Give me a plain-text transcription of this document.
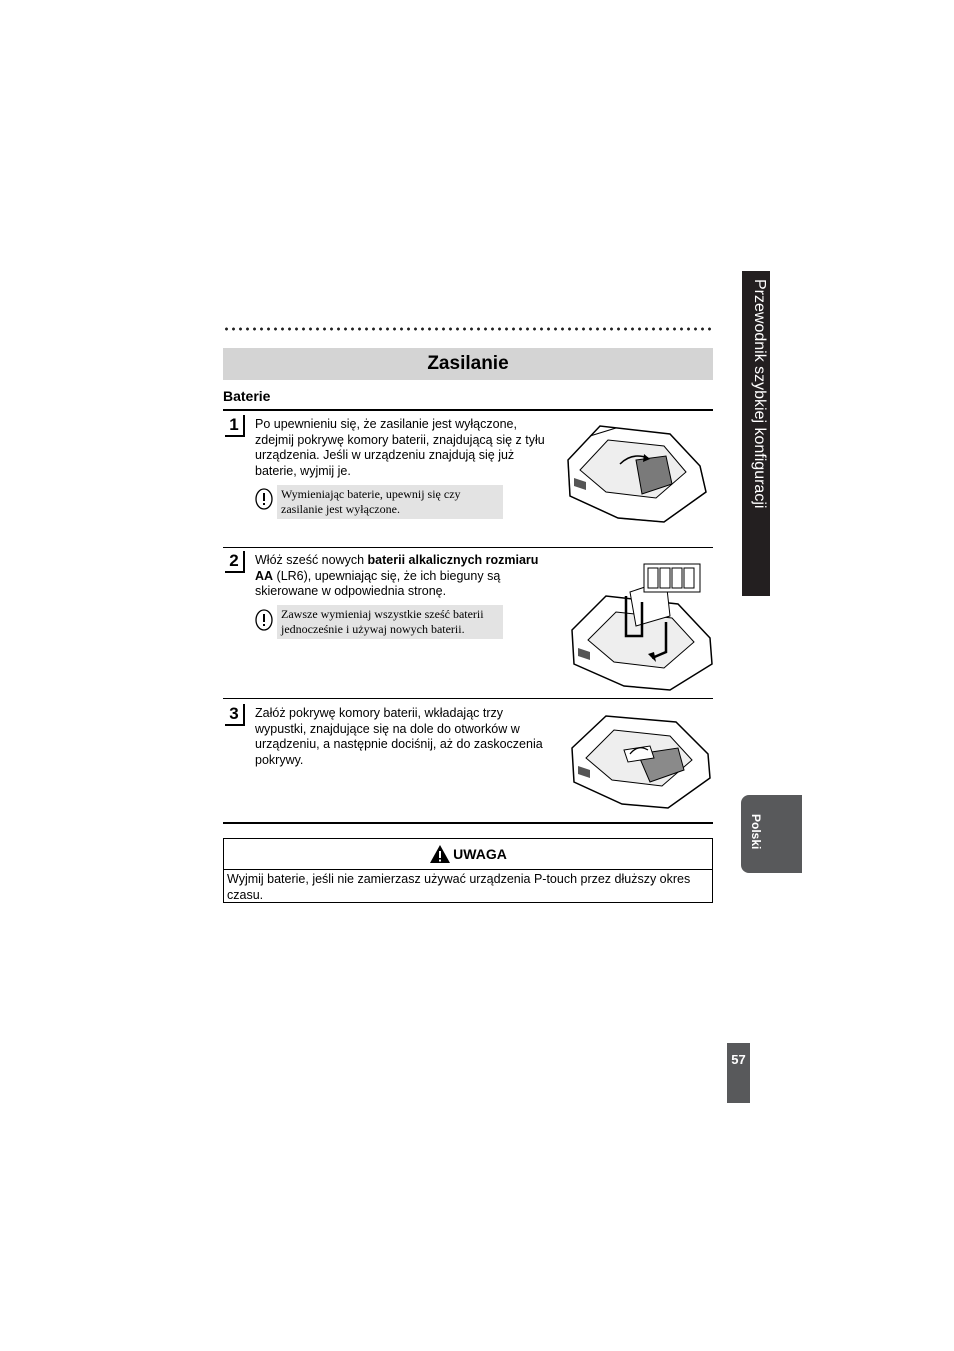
Przewodnik szybkiej konfiguracji
Polski
57
Zasilanie
Baterie
1	Po upewnieniu się, że zasilanie jest wyłączone, zdejmij pokrywę komory baterii, znajdującą się z tyłu urządzenia. Jeśli w urządzeniu znajdują się już baterie, wyjmij je.
Wymieniając baterie, upewnij się czy zasilanie jest wyłączone.
2	Włóż sześć nowych baterii alkalicznych rozmiaru AA (LR6), upewniając się, że ich bieguny są skierowane w odpowiednia stronę.
Zawsze wymieniaj wszystkie sześć baterii jednocześnie i używaj nowych baterii.
3	Załóż pokrywę komory baterii, wkładając trzy wypustki, znajdujące się na dole do otworków w urządzeniu, a następnie dociśnij, aż do zaskoczenia pokrywy.
UWAGA
Wyjmij baterie, jeśli nie zamierzasz używać urządzenia P-touch przez dłuższy okres czasu.
